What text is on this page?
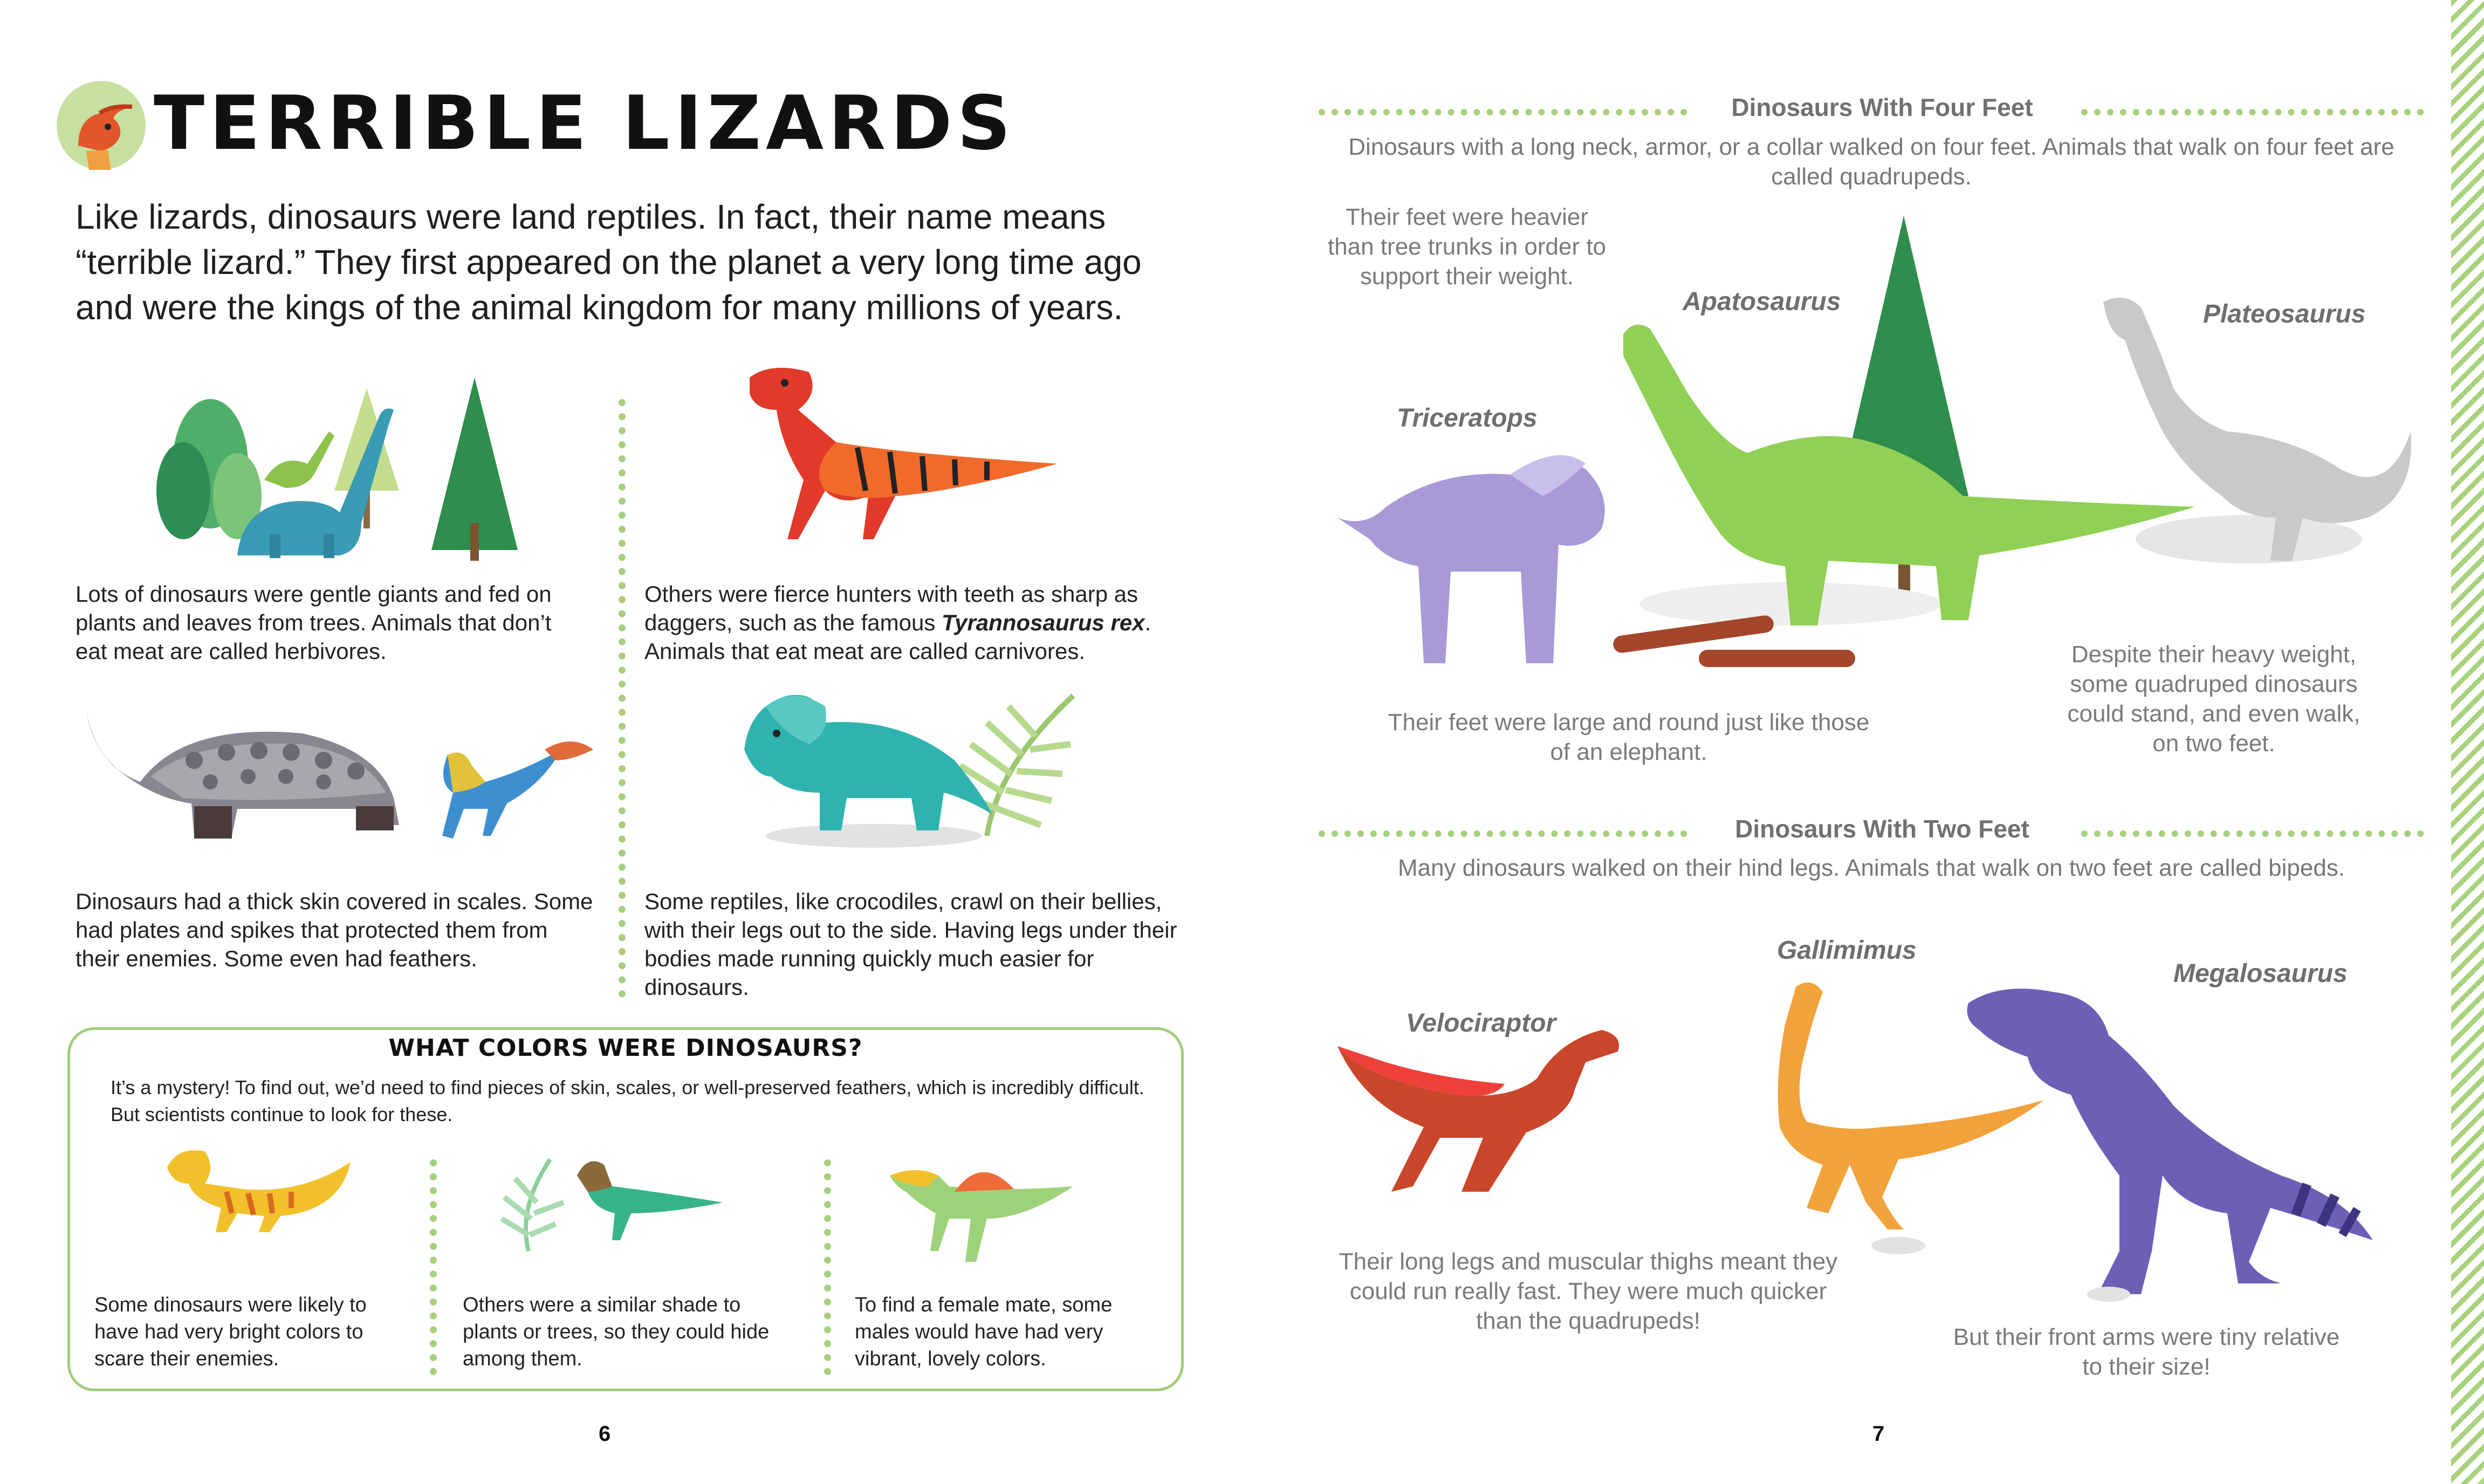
TERRIBLE LIZARDS
Like lizards, dinosaurs were land reptiles. In fact, their name means “terrible lizard.” They first appeared on the planet a very long time ago and were the kings of the animal kingdom for many millions of years.
Lots of dinosaurs were gentle giants and fed on plants and leaves from trees. Animals that don’t eat meat are called herbivores.
Others were fierce hunters with teeth as sharp as daggers, such as the famous Tyrannosaurus rex. Animals that eat meat are called carnivores.
Dinosaurs had a thick skin covered in scales. Some had plates and spikes that protected them from their enemies. Some even had feathers.
Some reptiles, like crocodiles, crawl on their bellies, with their legs out to the side. Having legs under their bodies made running quickly much easier for dinosaurs.
WHAT COLORS WERE DINOSAURS?
It’s a mystery! To find out, we’d need to find pieces of skin, scales, or well-preserved feathers, which is incredibly difficult. But scientists continue to look for these.
Some dinosaurs were likely to have had very bright colors to scare their enemies.
Others were a similar shade to plants or trees, so they could hide among them.
To find a female mate, some males would have had very vibrant, lovely colors.
6
Dinosaurs With Four Feet
Dinosaurs with a long neck, armor, or a collar walked on four feet. Animals that walk on four feet are called quadrupeds.
Their feet were heavier than tree trunks in order to support their weight.
Apatosaurus	Plateosaurus
Triceratops
Their feet were large and round just like those of an elephant.
Despite their heavy weight, some quadruped dinosaurs could stand, and even walk, on two feet.
Dinosaurs With Two Feet
Many dinosaurs walked on their hind legs. Animals that walk on two feet are called bipeds.
Gallimimus
Megalosaurus
Velociraptor
Their long legs and muscular thighs meant they could run really fast. They were much quicker than the quadrupeds!
But their front arms were tiny relative to their size!
7
